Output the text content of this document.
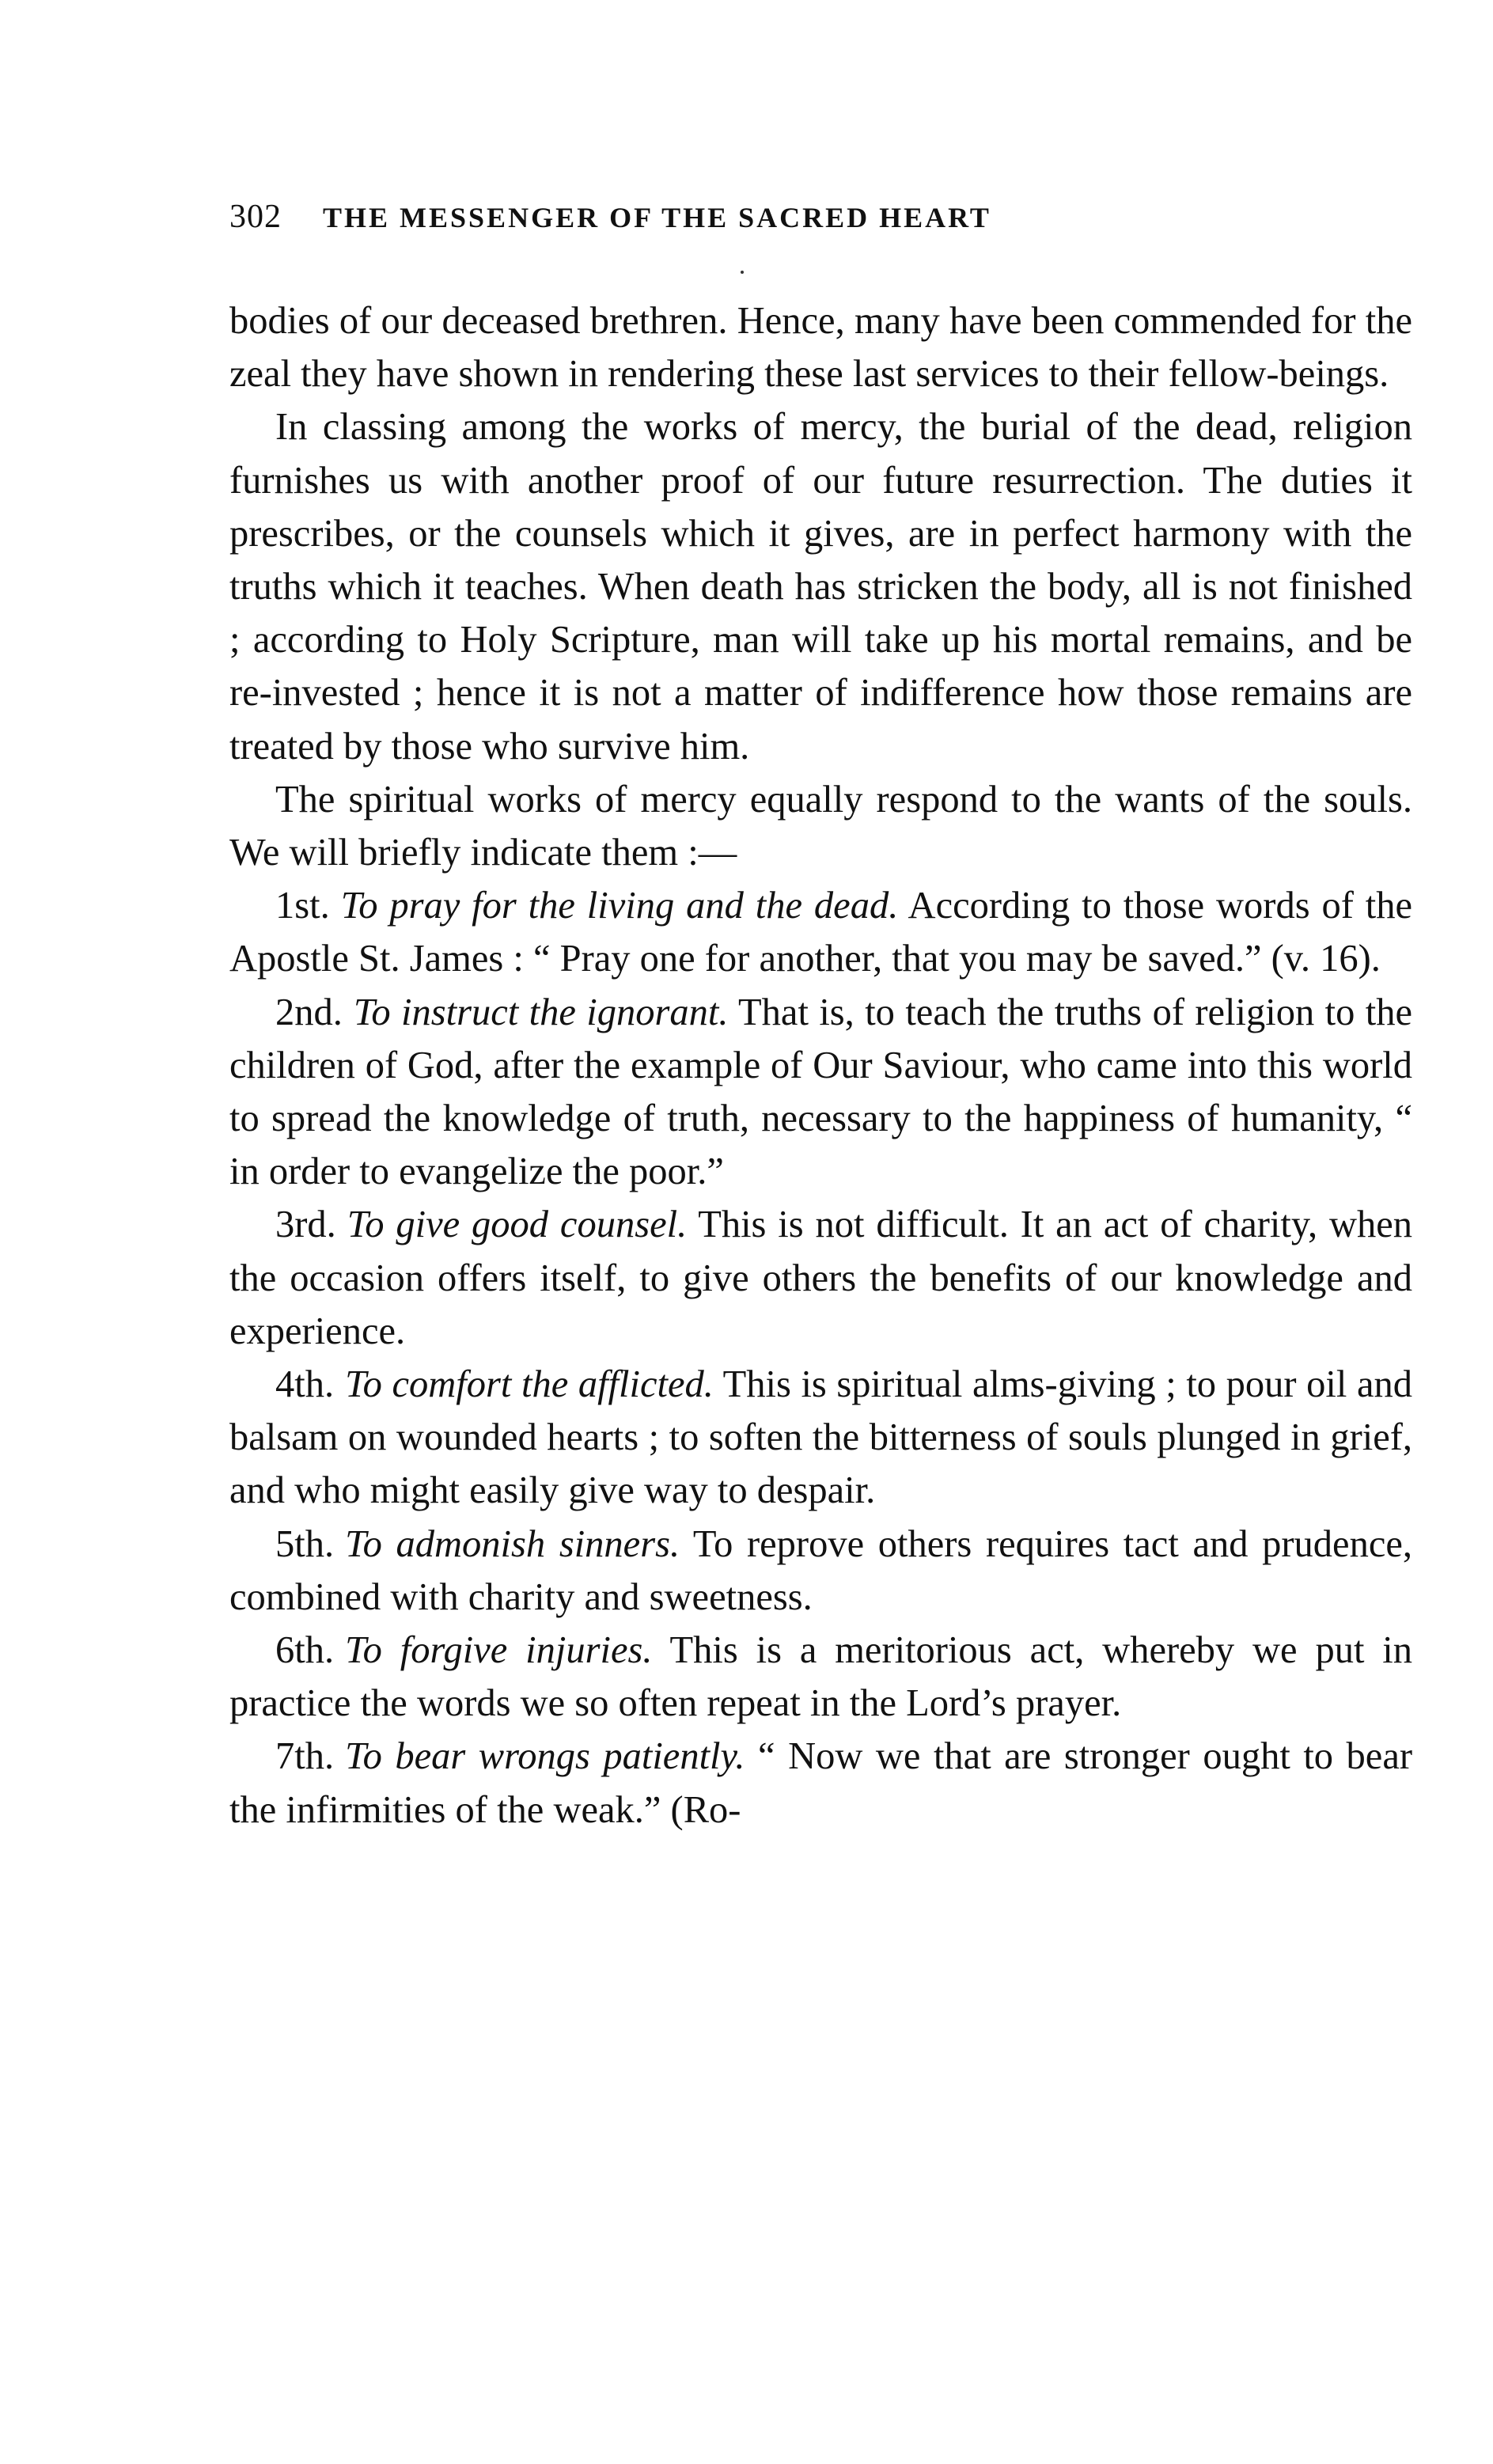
302	THE MESSENGER OF THE SACRED HEART

bodies of our deceased brethren. Hence, many have been commended for the zeal they have shown in rendering these last services to their fellow-beings.

In classing among the works of mercy, the burial of the dead, religion furnishes us with another proof of our future resurrection. The duties it prescribes, or the counsels which it gives, are in perfect harmony with the truths which it teaches. When death has stricken the body, all is not finished ; according to Holy Scripture, man will take up his mortal remains, and be re-invested ; hence it is not a matter of indifference how those remains are treated by those who survive him.

The spiritual works of mercy equally respond to the wants of the souls. We will briefly indicate them :—

1st. To pray for the living and the dead. According to those words of the Apostle St. James : “ Pray one for another, that you may be saved.” (v. 16).

2nd. To instruct the ignorant. That is, to teach the truths of religion to the children of God, after the example of Our Saviour, who came into this world to spread the knowledge of truth, necessary to the happiness of humanity, “ in order to evangelize the poor.”

3rd. To give good counsel. This is not difficult. It an act of charity, when the occasion offers itself, to give others the benefits of our knowledge and experience.

4th. To comfort the afflicted. This is spiritual alms-giving ; to pour oil and balsam on wounded hearts ; to soften the bitterness of souls plunged in grief, and who might easily give way to despair.

5th. To admonish sinners. To reprove others requires tact and prudence, combined with charity and sweetness.

6th. To forgive injuries. This is a meritorious act, whereby we put in practice the words we so often repeat in the Lord’s prayer.

7th. To bear wrongs patiently. “ Now we that are stronger ought to bear the infirmities of the weak.” (Ro-
